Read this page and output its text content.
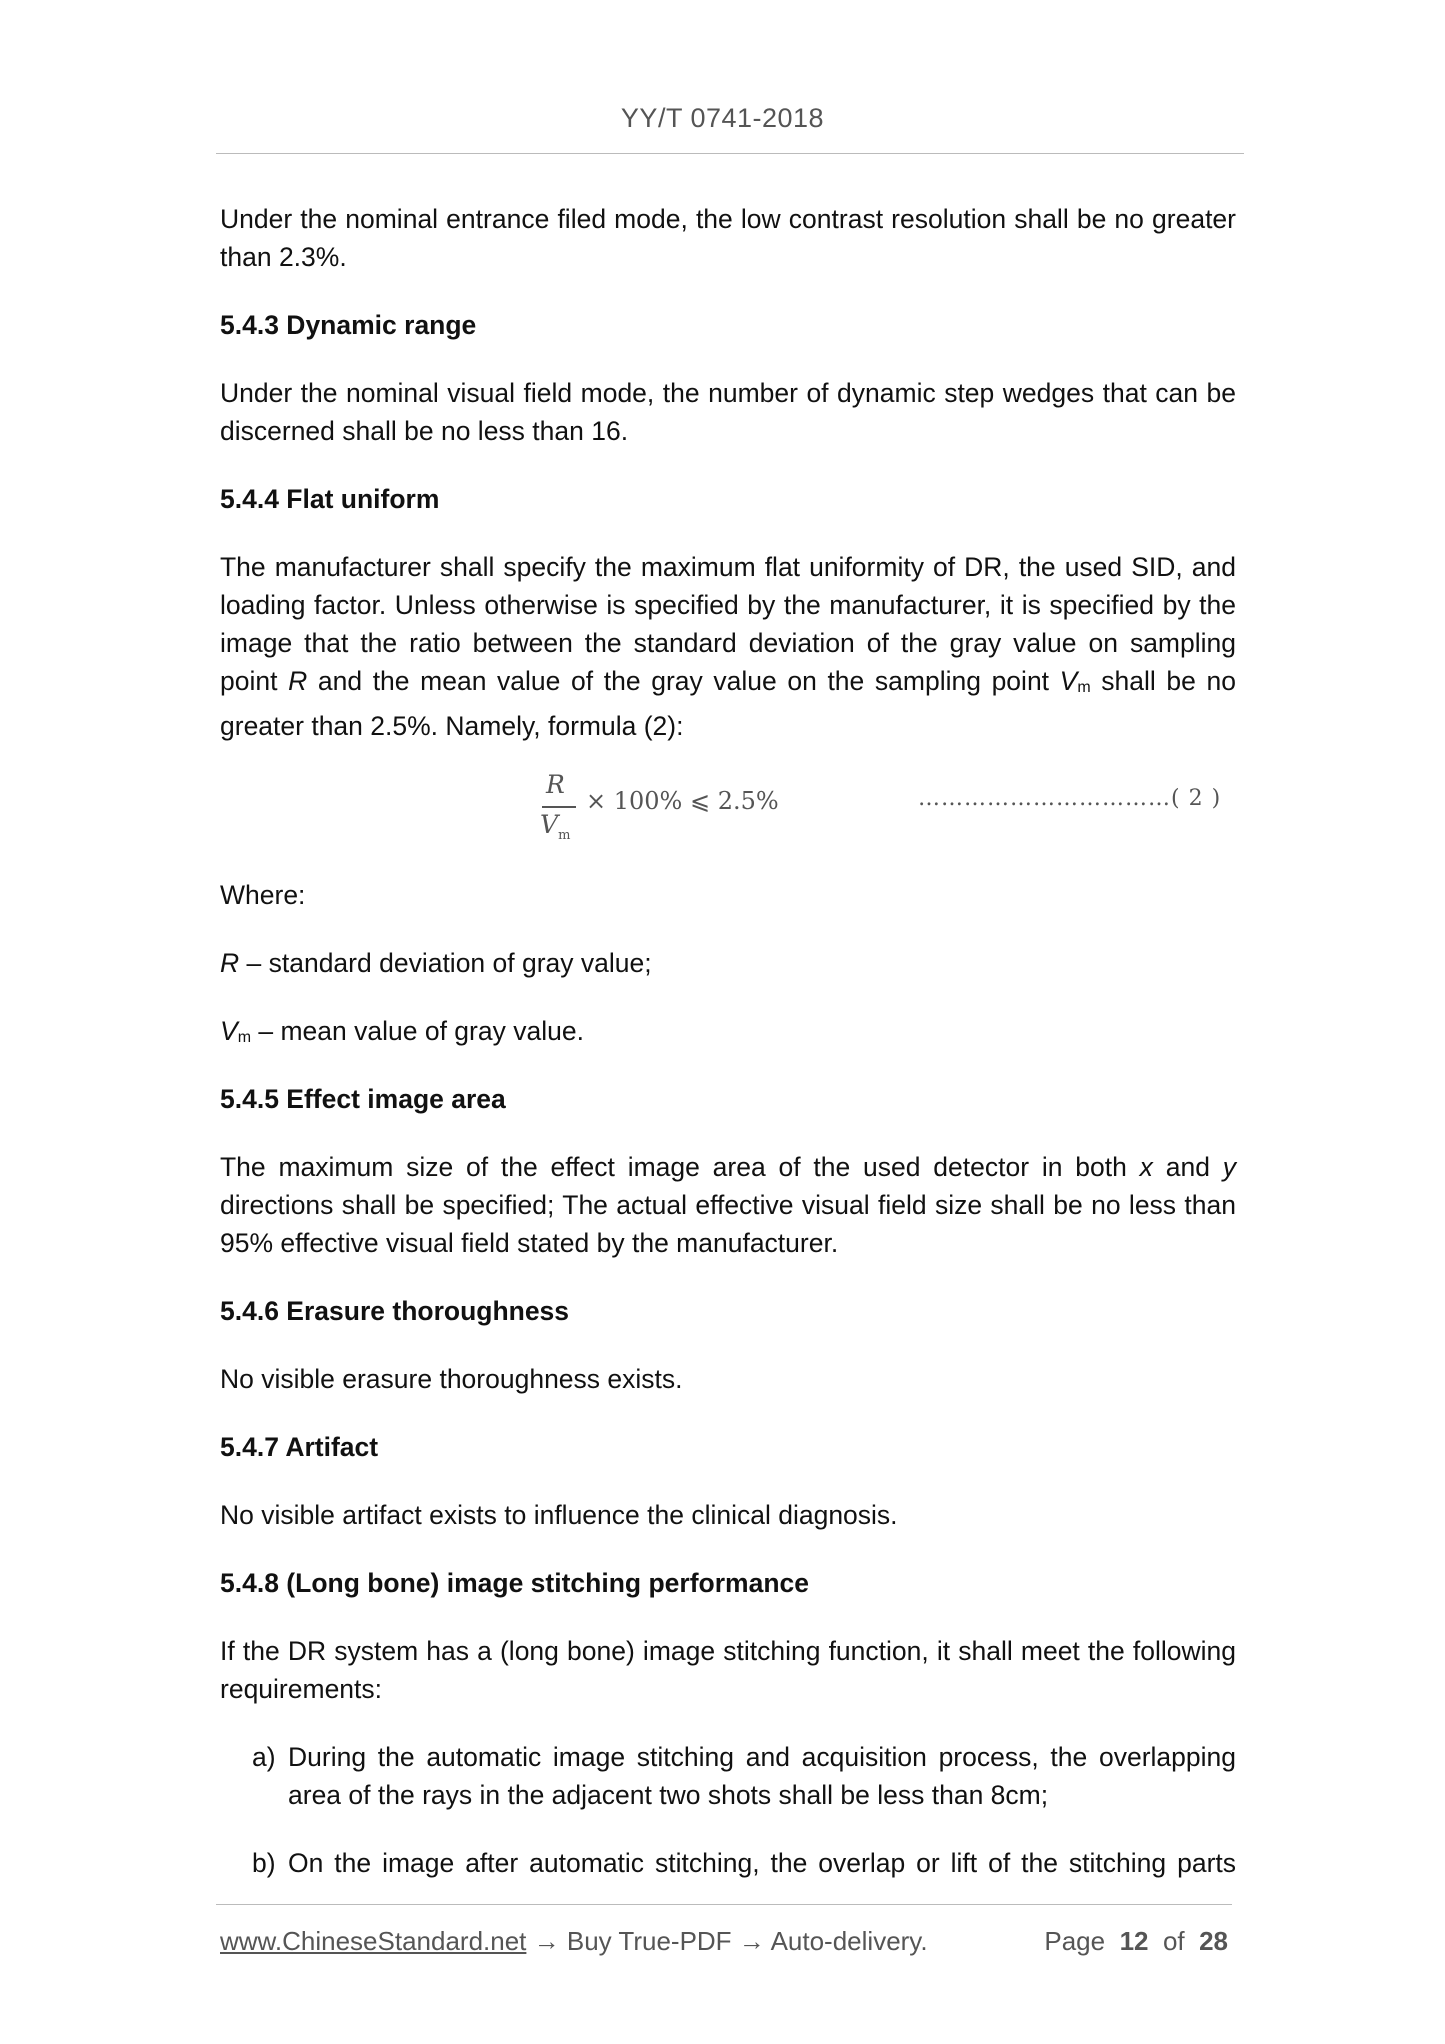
YY/T 0741-2018
Under the nominal entrance filed mode, the low contrast resolution shall be no greater than 2.3%.
5.4.3 Dynamic range
Under the nominal visual field mode, the number of dynamic step wedges that can be discerned shall be no less than 16.
5.4.4 Flat uniform
The manufacturer shall specify the maximum flat uniformity of DR, the used SID, and loading factor. Unless otherwise is specified by the manufacturer, it is specified by the image that the ratio between the standard deviation of the gray value on sampling point R and the mean value of the gray value on the sampling point $V_m$ shall be no greater than 2.5%. Namely, formula (2):
R
$V_m$
× 100% ⩽ 2.5%	……………………………( 2 )
Where:
R – standard deviation of gray value;
$V_m$ – mean value of gray value.
5.4.5 Effect image area
The maximum size of the effect image area of the used detector in both x and y directions shall be specified; The actual effective visual field size shall be no less than 95% effective visual field stated by the manufacturer.
5.4.6 Erasure thoroughness
No visible erasure thoroughness exists.
5.4.7 Artifact
No visible artifact exists to influence the clinical diagnosis.
5.4.8 (Long bone) image stitching performance
If the DR system has a (long bone) image stitching function, it shall meet the following requirements:
a) During the automatic image stitching and acquisition process, the overlapping area of the rays in the adjacent two shots shall be less than 8cm;
b) On the image after automatic stitching, the overlap or lift of the stitching parts
www.ChineseStandard.net → Buy True-PDF → Auto-delivery.	Page 12 of 28
